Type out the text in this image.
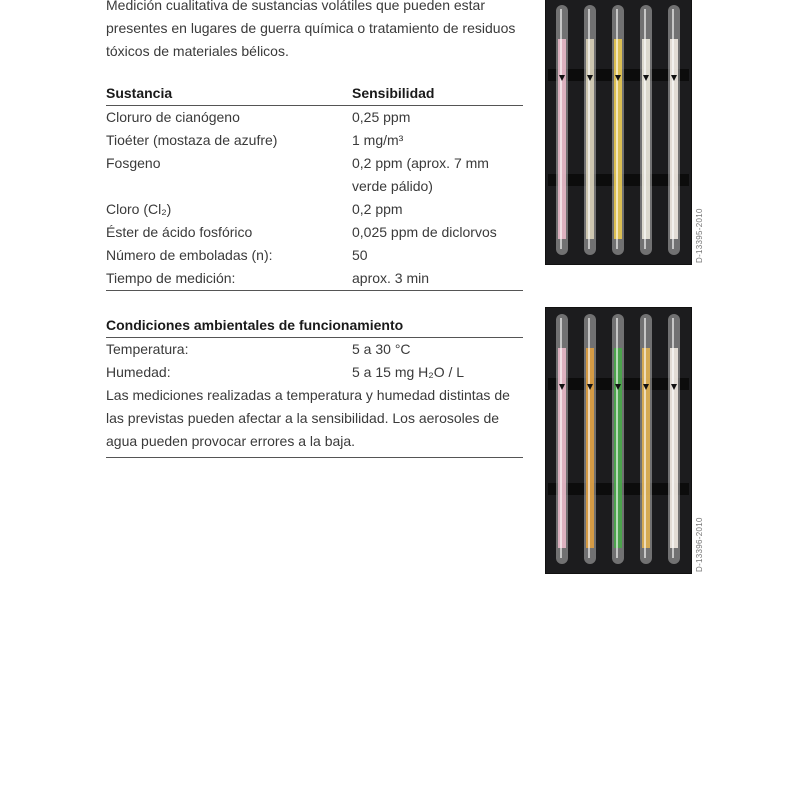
Medición cualitativa de sustancias volátiles que pueden estar presentes en lugares de guerra química o tratamiento de residuos tóxicos de materiales bélicos.

Sustancia	Sensibilidad
Cloruro de cianógeno	0,25 ppm
Tioéter (mostaza de azufre)	1 mg/m³
Fosgeno	0,2 ppm (aprox. 7 mm verde pálido)
Cloro (Cl₂)	0,2 ppm
Éster de ácido fosfórico	0,025 ppm de diclorvos
Número de emboladas (n):	50
Tiempo de medición:	aprox. 3 min
Condiciones ambientales de funcionamiento
Temperatura:	5 a 30 °C
Humedad:	5 a 15 mg H₂O / L
Las mediciones realizadas a temperatura y humedad distintas de las previstas pueden afectar a la sensibilidad. Los aerosoles de agua pueden provocar errores a la baja.
D-13395-2010
D-13396-2010
